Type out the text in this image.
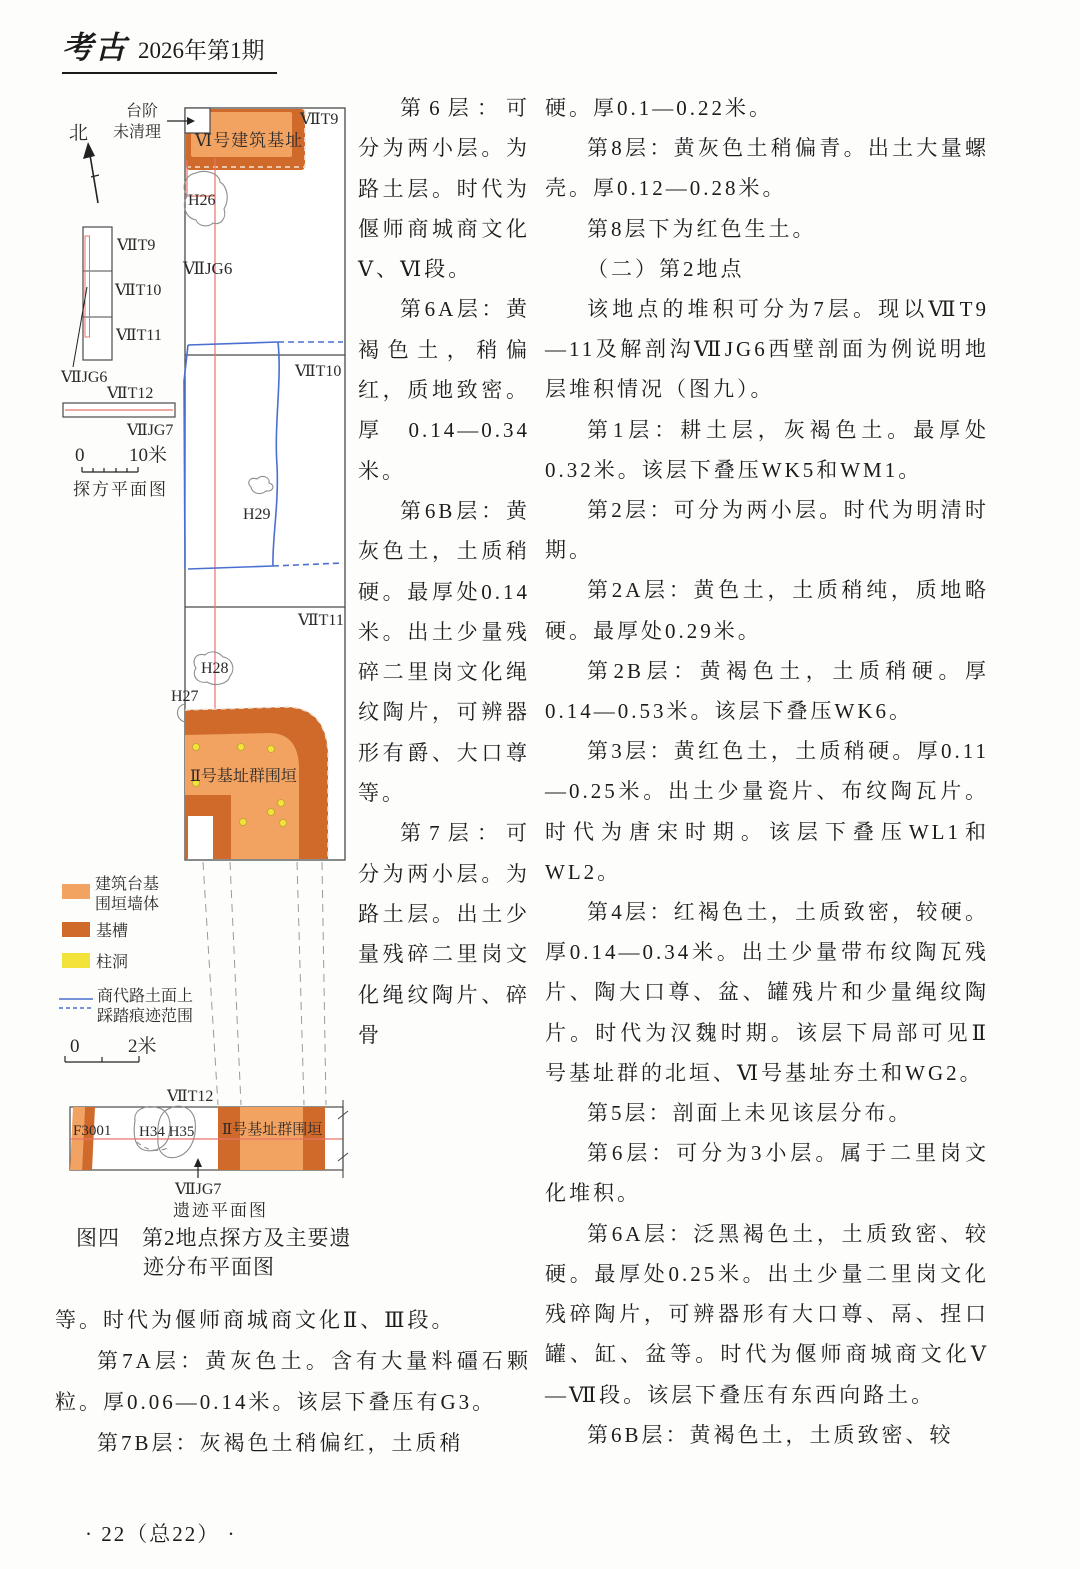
考古 2026年第1期
北
台阶
未清理
ⅦT9
Ⅵ号建筑基址
H26
ⅦJG6
ⅦT10
H29
ⅦT11
H28
H27
Ⅱ号基址群围垣
ⅦT9
ⅦT10
ⅦT11
ⅦJG6
ⅦT12
ⅦJG7
0 10米
探方平面图
建筑台基
围垣墙体
基槽
柱洞
商代路土面上
踩踏痕迹范围
0	2米
ⅦT12
F3001 H34 H35 Ⅱ号基址群围垣
ⅦJG7
遗迹平面图
图四　第2地点探方及主要遗
迹分布平面图

第6层：可分为两小层。为路土层。时代为偃师商城商文化Ⅴ、Ⅵ段。

第6A层：黄褐色土，稍偏红，质地致密。厚0.14—0.34米。

第6B层：黄灰色土，土质稍硬。最厚处0.14米。出土少量残碎二里岗文化绳纹陶片，可辨器形有爵、大口尊等。

第7层：可分为两小层。为路土层。出土少量残碎二里岗文化绳纹陶片、碎骨

硬。厚0.1—0.22米。

第8层：黄灰色土稍偏青。出土大量螺壳。厚0.12—0.28米。

第8层下为红色生土。

（二）第2地点

该地点的堆积可分为7层。现以ⅦT9—11及解剖沟ⅦJG6西壁剖面为例说明地层堆积情况（图九）。

第1层：耕土层，灰褐色土。最厚处0.32米。该层下叠压WK5和WM1。

第2层：可分为两小层。时代为明清时期。

第2A层：黄色土，土质稍纯，质地略硬。最厚处0.29米。

第2B层：黄褐色土，土质稍硬。厚0.14—0.53米。该层下叠压WK6。

第3层：黄红色土，土质稍硬。厚0.11—0.25米。出土少量瓷片、布纹陶瓦片。时代为唐宋时期。该层下叠压WL1和WL2。

第4层：红褐色土，土质致密，较硬。厚0.14—0.34米。出土少量带布纹陶瓦残片、陶大口尊、盆、罐残片和少量绳纹陶片。时代为汉魏时期。该层下局部可见Ⅱ号基址群的北垣、Ⅵ号基址夯土和WG2。

第5层：剖面上未见该层分布。

第6层：可分为3小层。属于二里岗文化堆积。

第6A层：泛黑褐色土，土质致密、较硬。最厚处0.25米。出土少量二里岗文化残碎陶片，可辨器形有大口尊、鬲、捏口罐、缸、盆等。时代为偃师商城商文化Ⅴ—Ⅶ段。该层下叠压有东西向路土。

第6B层：黄褐色土，土质致密、较

等。时代为偃师商城商文化Ⅱ、Ⅲ段。

第7A层：黄灰色土。含有大量料礓石颗粒。厚0.06—0.14米。该层下叠压有G3。

第7B层：灰褐色土稍偏红，土质稍

· 22（总22） ·
